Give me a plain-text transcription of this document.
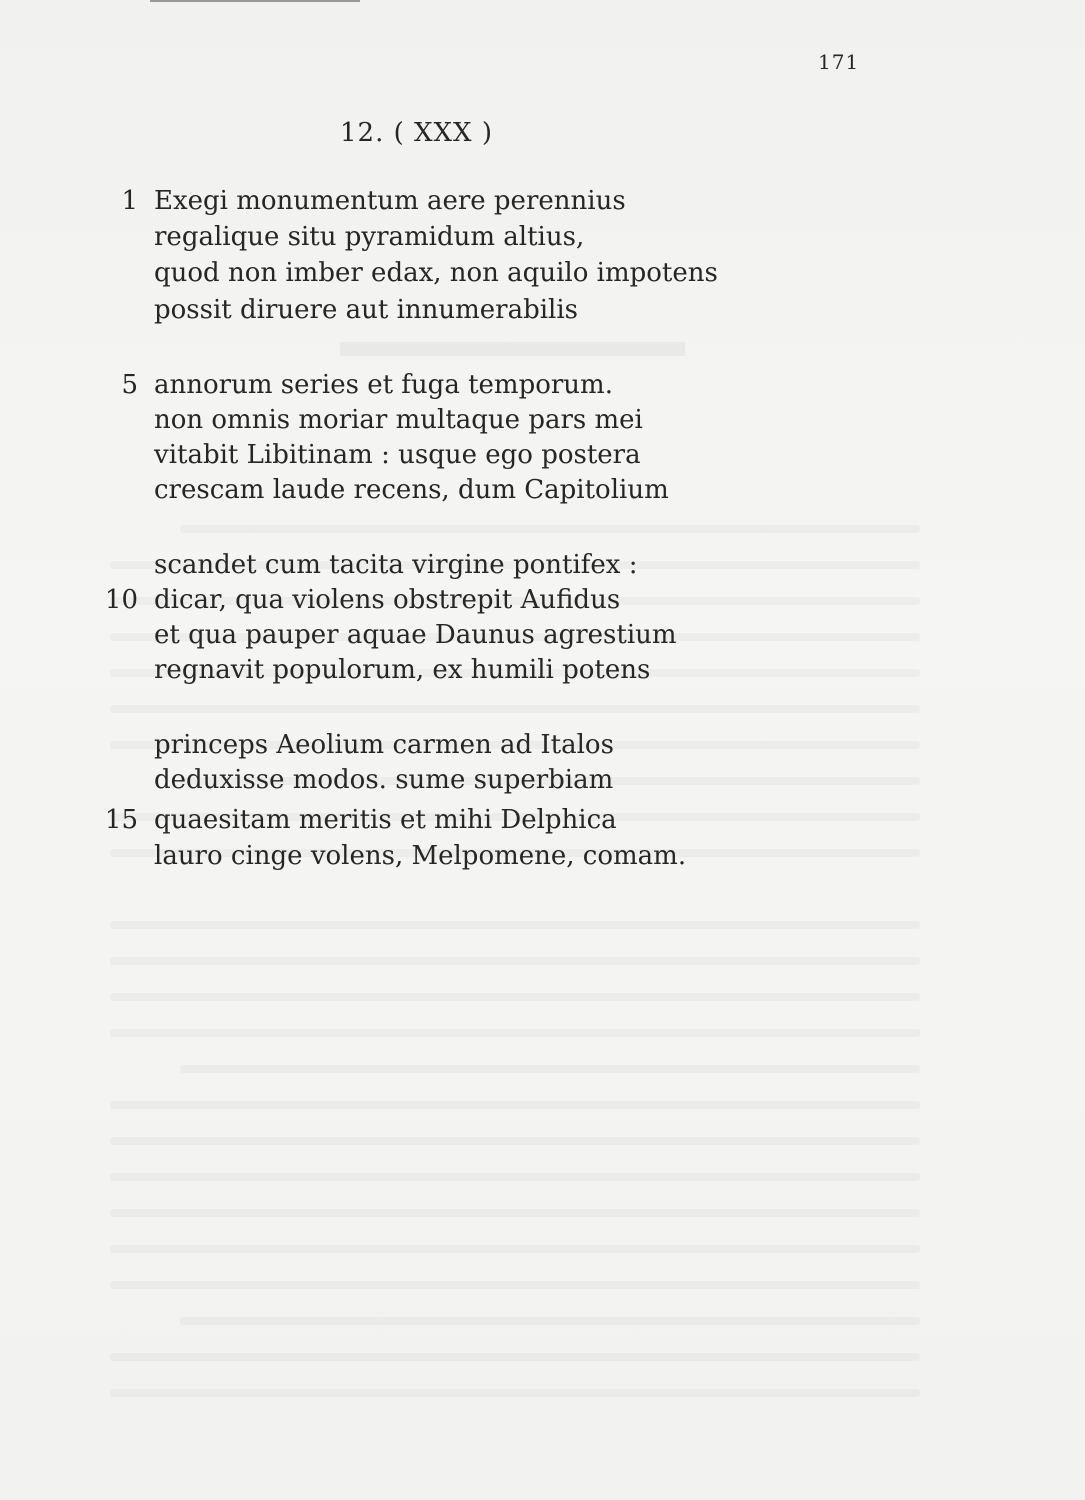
171
12. ( XXX )
1 Exegi monumentum aere perennius
regalique situ pyramidum altius,
quod non imber edax, non aquilo impotens
possit diruere aut innumerabilis
5 annorum series et fuga temporum.
non omnis moriar multaque pars mei
vitabit Libitinam : usque ego postera
crescam laude recens, dum Capitolium
scandet cum tacita virgine pontifex :
10 dicar, qua violens obstrepit Aufidus
et qua pauper aquae Daunus agrestium
regnavit populorum, ex humili potens
princeps Aeolium carmen ad Italos
deduxisse modos. sume superbiam
15 quaesitam meritis et mihi Delphica
lauro cinge volens, Melpomene, comam.
